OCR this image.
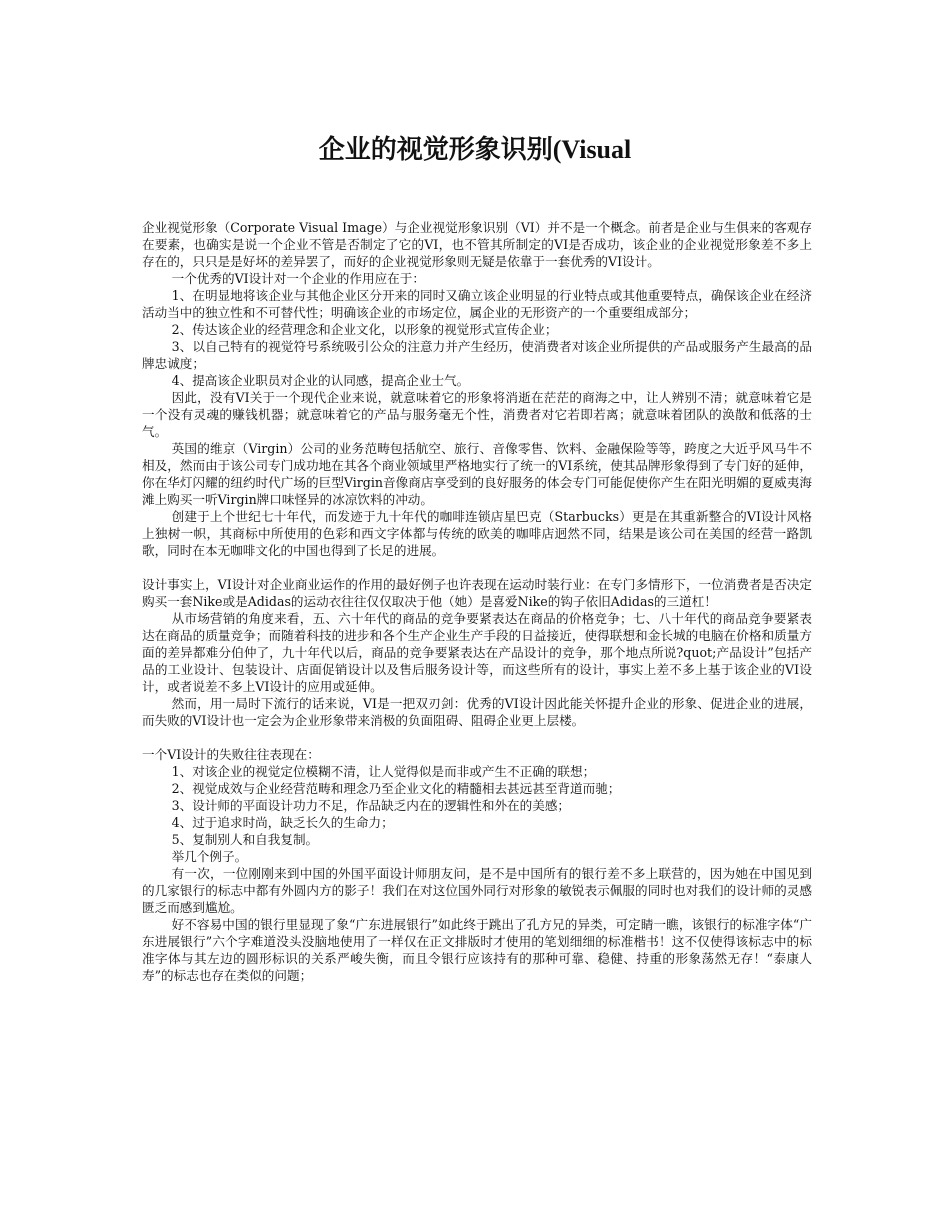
企业的视觉形象识别(Visual

企业视觉形象（Corporate Visual Image）与企业视觉形象识别（VI）并不是一个概念。前者是企业与生俱来的客观存在要素，也确实是说一个企业不管是否制定了它的VI，也不管其所制定的VI是否成功，该企业的企业视觉形象差不多上存在的，只只是是好坏的差异罢了，而好的企业视觉形象则无疑是依靠于一套优秀的VI设计。

一个优秀的VI设计对一个企业的作用应在于：

1、在明显地将该企业与其他企业区分开来的同时又确立该企业明显的行业特点或其他重要特点，确保该企业在经济活动当中的独立性和不可替代性；明确该企业的市场定位，属企业的无形资产的一个重要组成部分；

2、传达该企业的经营理念和企业文化，以形象的视觉形式宣传企业；

3、以自己特有的视觉符号系统吸引公众的注意力并产生经历，使消费者对该企业所提供的产品或服务产生最高的品牌忠诚度；

4、提高该企业职员对企业的认同感，提高企业士气。

因此，没有VI关于一个现代企业来说，就意味着它的形象将消逝在茫茫的商海之中，让人辨别不清；就意味着它是一个没有灵魂的赚钱机器；就意味着它的产品与服务毫无个性，消费者对它若即若离；就意味着团队的涣散和低落的士气。

英国的维京（Virgin）公司的业务范畴包括航空、旅行、音像零售、饮料、金融保险等等，跨度之大近乎风马牛不相及，然而由于该公司专门成功地在其各个商业领域里严格地实行了统一的VI系统，使其品牌形象得到了专门好的延伸，你在华灯闪耀的纽约时代广场的巨型Virgin音像商店享受到的良好服务的体会专门可能促使你产生在阳光明媚的夏威夷海滩上购买一听Virgin牌口味怪异的冰凉饮料的冲动。

创建于上个世纪七十年代，而发迹于九十年代的咖啡连锁店星巴克（Starbucks）更是在其重新整合的VI设计风格上独树一帜，其商标中所使用的色彩和西文字体都与传统的欧美的咖啡店迥然不同，结果是该公司在美国的经营一路凯歌，同时在本无咖啡文化的中国也得到了长足的进展。

设计事实上，VI设计对企业商业运作的作用的最好例子也许表现在运动时装行业：在专门多情形下，一位消费者是否决定购买一套Nike或是Adidas的运动衣往往仅仅取决于他（她）是喜爱Nike的钩子依旧Adidas的三道杠！

从市场营销的角度来看，五、六十年代的商品的竞争要紧表达在商品的价格竞争；七、八十年代的商品竞争要紧表达在商品的质量竞争；而随着科技的进步和各个生产企业生产手段的日益接近，使得联想和金长城的电脑在价格和质量方面的差异都难分伯仲了，九十年代以后，商品的竞争要紧表达在产品设计的竞争，那个地点所说?quot;产品设计”包括产品的工业设计、包装设计、店面促销设计以及售后服务设计等，而这些所有的设计，事实上差不多上基于该企业的VI设计，或者说差不多上VI设计的应用或延伸。

然而，用一局时下流行的话来说，VI是一把双刃剑：优秀的VI设计因此能关怀提升企业的形象、促进企业的进展，而失败的VI设计也一定会为企业形象带来消极的负面阻碍、阻碍企业更上层楼。

一个VI设计的失败往往表现在：

1、对该企业的视觉定位模糊不清，让人觉得似是而非或产生不正确的联想；

2、视觉成效与企业经营范畴和理念乃至企业文化的精髓相去甚远甚至背道而驰；

3、设计师的平面设计功力不足，作品缺乏内在的逻辑性和外在的美感；

4、过于追求时尚，缺乏长久的生命力；

5、复制别人和自我复制。

举几个例子。

有一次，一位刚刚来到中国的外国平面设计师朋友问，是不是中国所有的银行差不多上联营的，因为她在中国见到的几家银行的标志中都有外圆内方的影子！我们在对这位国外同行对形象的敏锐表示佩服的同时也对我们的设计师的灵感匮乏而感到尴尬。

好不容易中国的银行里显现了象“广东进展银行”如此终于跳出了孔方兄的异类，可定睛一瞧，该银行的标准字体“广东进展银行”六个字难道没头没脑地使用了一样仅在正文排版时才使用的笔划细细的标准楷书！这不仅使得该标志中的标准字体与其左边的圆形标识的关系严峻失衡，而且令银行应该持有的那种可靠、稳健、持重的形象荡然无存！“泰康人寿”的标志也存在类似的问题；
